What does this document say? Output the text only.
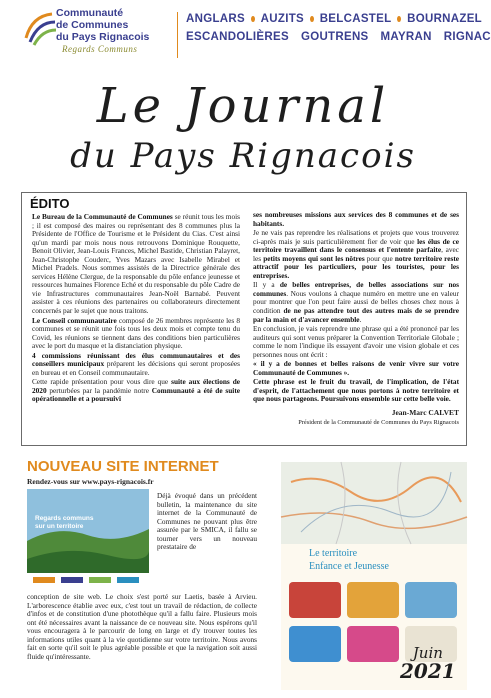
Communauté
de Communes
du Pays Rignacois
Regards Communs
ANGLARS AUZITS BELCASTEL BOURNAZEL
ESCANDOLIÈRES GOUTRENS MAYRAN RIGNAC
Le Journal
du Pays Rignacois
ÉDITO

Le Bureau de la Communauté de Communes se réunit tous les mois ; il est composé des maires ou représentant des 8 communes plus la Présidente de l'Office de Tourisme et le Président du Cias. C'est ainsi qu'un mardi par mois nous nous retrouvons Dominique Rouquette, Benoit Olivier, Jean-Louis Frances, Michel Bastide, Christian Palayret, Jean-Christophe Couderc, Yves Mazars avec Isabelle Mirabel et Michel Pradels. Nous sommes assistés de la Directrice générale des services Hélène Clergue, de la responsable du pôle enfance jeunesse et ressources humaines Florence Eché et du responsable du pôle Cadre de vie Infrastructures communautaires Jean-Noël Barnabé. Peuvent assister à ces réunions des partenaires ou collaborateurs directement concernés par le sujet que nous traitons.

Le Conseil communautaire composé de 26 membres représente les 8 communes et se réunit une fois tous les deux mois et compte tenu du Covid, les réunions se tiennent dans des conditions bien particulières avec le port du masque et la distanciation physique.

4 commissions réunissant des élus communautaires et des conseillers municipaux préparent les décisions qui seront proposées en bureau et en Conseil communautaire.

Cette rapide présentation pour vous dire que suite aux élections de 2020 perturbées par la pandémie notre Communauté a été de suite opérationnelle et a poursuivi

ses nombreuses missions aux services des 8 communes et de ses habitants.

Je ne vais pas reprendre les réalisations et projets que vous trouverez ci-après mais je suis particulièrement fier de voir que les élus de ce territoire travaillent dans le consensus et l'entente parfaite, avec les petits moyens qui sont les nôtres pour que notre territoire reste attractif pour les particuliers, pour les touristes, pour les entreprises.

Il y a de belles entreprises, de belles associations sur nos communes. Nous voulons à chaque numéro en mettre une en valeur pour montrer que l'on peut faire aussi de belles choses chez nous à condition de ne pas attendre tout des autres mais de se prendre par la main et d'avancer ensemble.

En conclusion, je vais reprendre une phrase qui a été prononcé par les auditeurs qui sont venus préparer la Convention Territoriale Globale ; comme le nom l'indique ils essayent d'avoir une vision globale et ces personnes nous ont écrit :

« il y a de bonnes et belles raisons de venir vivre sur votre Communauté de Communes ».

Cette phrase est le fruit du travail, de l'implication, de l'état d'esprit, de l'attachement que nous portons à notre territoire et que nous partageons. Poursuivons ensemble sur cette belle voie.

Jean-Marc CALVET
Président de la Communauté de Communes du Pays Rignacois
NOUVEAU SITE INTERNET
Rendez-vous sur www.pays-rignacois.fr
Regards communs sur un territoire
Déjà évoqué dans un précédent bulletin, la maintenance du site internet de la Communauté de Communes ne pouvant plus être assurée par le SMICA, il fallu se tourner vers un nouveau prestataire de
conception de site web. Le choix s'est porté sur Laetis, basée à Arvieu. L'arborescence établie avec eux, c'est tout un travail de rédaction, de collecte d'infos et de constitution d'une photothèque qu'il a fallu faire. Plusieurs mois ont été nécessaires avant la naissance de ce nouveau site. Nous espérons qu'il vous encouragera à le parcourir de long en large et d'y trouver toutes les informations utiles quant à la vie quotidienne sur votre territoire. Nous avons fait en sorte qu'il soit le plus agréable possible et que la navigation soit aussi fluide qu'intéressante.
Le territoire
Enfance et Jeunesse
Juin
2021
